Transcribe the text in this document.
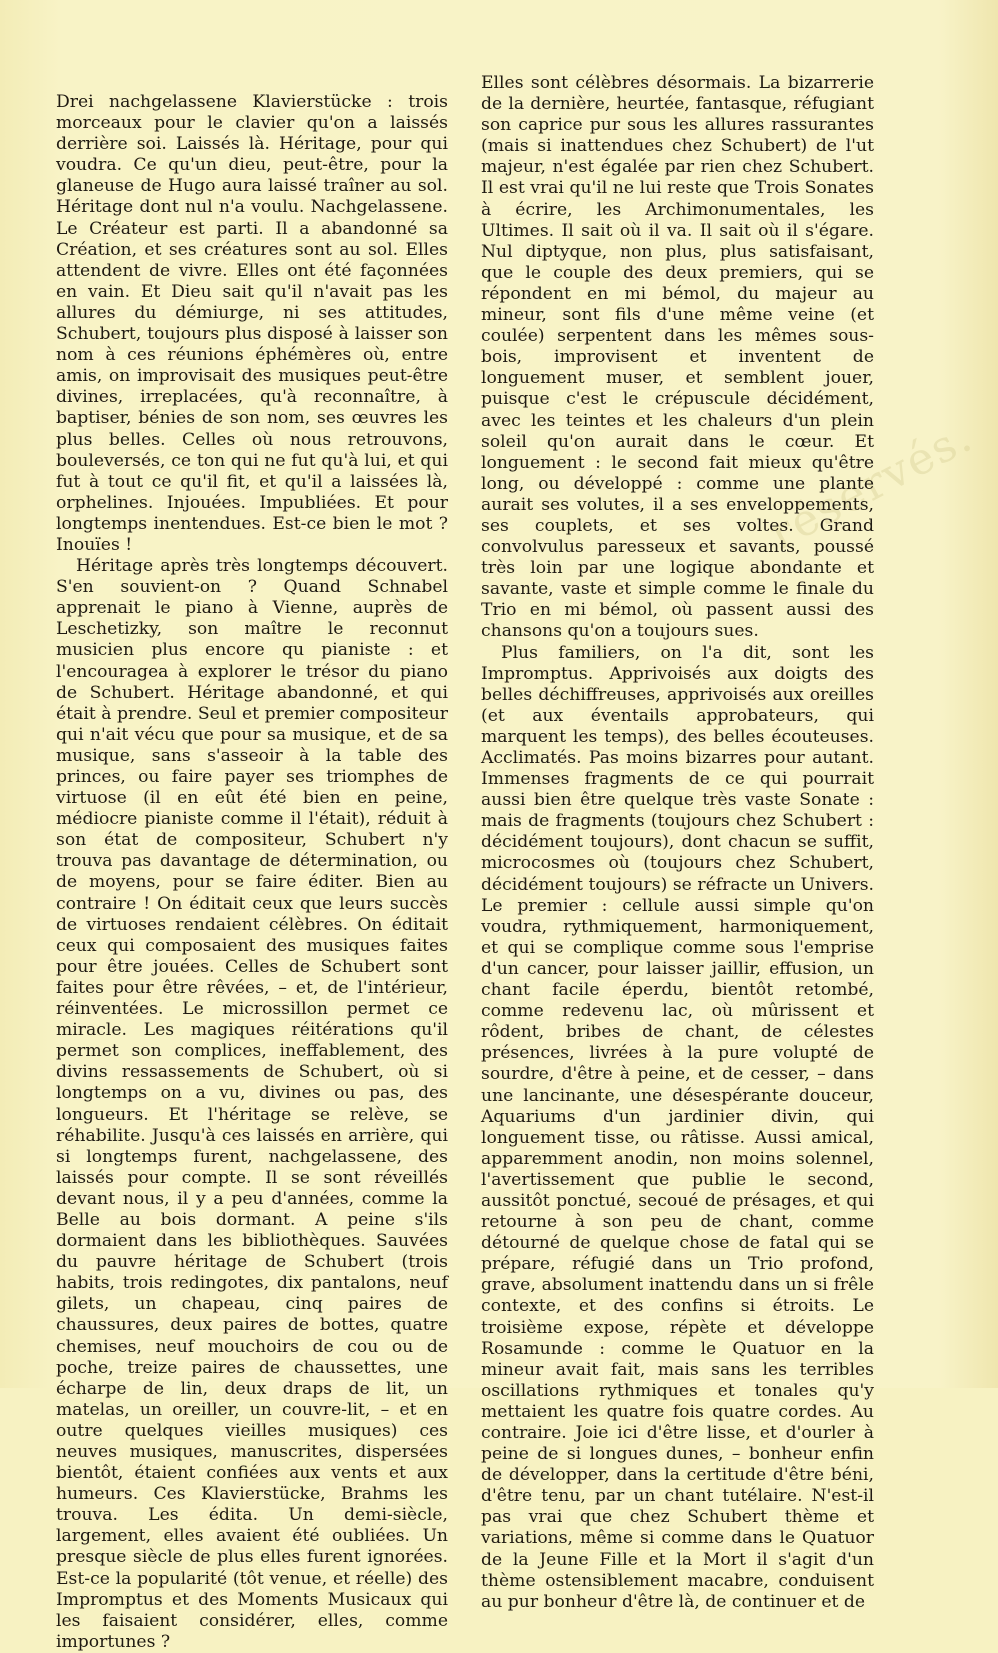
réservés.

Drei nachgelassene Klavierstücke : trois morceaux pour le clavier qu'on a laissés derrière soi. Laissés là. Héritage, pour qui voudra. Ce qu'un dieu, peut-être, pour la glaneuse de Hugo aura laissé traîner au sol. Héritage dont nul n'a voulu. Nachgelassene. Le Créateur est parti. Il a abandonné sa Création, et ses créatures sont au sol. Elles attendent de vivre. Elles ont été façonnées en vain. Et Dieu sait qu'il n'avait pas les allures du démiurge, ni ses attitudes, Schubert, toujours plus disposé à laisser son nom à ces réunions éphémères où, entre amis, on improvisait des musiques peut-être divines, irreplacées, qu'à reconnaître, à baptiser, bénies de son nom, ses œuvres les plus belles. Celles où nous retrouvons, bouleversés, ce ton qui ne fut qu'à lui, et qui fut à tout ce qu'il fit, et qu'il a laissées là, orphelines. Injouées. Impubliées. Et pour longtemps inentendues. Est-ce bien le mot ? Inouïes !

Héritage après très longtemps découvert. S'en souvient-on ? Quand Schnabel apprenait le piano à Vienne, auprès de Leschetizky, son maître le reconnut musicien plus encore qu pianiste : et l'encouragea à explorer le trésor du piano de Schubert. Héritage abandonné, et qui était à prendre. Seul et premier compositeur qui n'ait vécu que pour sa musique, et de sa musique, sans s'asseoir à la table des princes, ou faire payer ses triomphes de virtuose (il en eût été bien en peine, médiocre pianiste comme il l'était), réduit à son état de compositeur, Schubert n'y trouva pas davantage de détermination, ou de moyens, pour se faire éditer. Bien au contraire ! On éditait ceux que leurs succès de virtuoses rendaient célèbres. On éditait ceux qui composaient des musiques faites pour être jouées. Celles de Schubert sont faites pour être rêvées, – et, de l'intérieur, réinventées. Le microssillon permet ce miracle. Les magiques réitérations qu'il permet son complices, ineffablement, des divins ressassements de Schubert, où si longtemps on a vu, divines ou pas, des longueurs. Et l'héritage se relève, se réhabilite. Jusqu'à ces laissés en arrière, qui si longtemps furent, nachgelassene, des laissés pour compte. Il se sont réveillés devant nous, il y a peu d'années, comme la Belle au bois dormant. A peine s'ils dormaient dans les bibliothèques. Sauvées du pauvre héritage de Schubert (trois habits, trois redingotes, dix pantalons, neuf gilets, un chapeau, cinq paires de chaussures, deux paires de bottes, quatre chemises, neuf mouchoirs de cou ou de poche, treize paires de chaussettes, une écharpe de lin, deux draps de lit, un matelas, un oreiller, un couvre-lit, – et en outre quelques vieilles musiques) ces neuves musiques, manuscrites, dispersées bientôt, étaient confiées aux vents et aux humeurs. Ces Klavierstücke, Brahms les trouva. Les édita. Un demi-siècle, largement, elles avaient été oubliées. Un presque siècle de plus elles furent ignorées. Est-ce la popularité (tôt venue, et réelle) des Impromptus et des Moments Musicaux qui les faisaient considérer, elles, comme importunes ?

Elles sont célèbres désormais. La bizarrerie de la dernière, heurtée, fantasque, réfugiant son caprice pur sous les allures rassurantes (mais si inattendues chez Schubert) de l'ut majeur, n'est égalée par rien chez Schubert. Il est vrai qu'il ne lui reste que Trois Sonates à écrire, les Archimonumentales, les Ultimes. Il sait où il va. Il sait où il s'égare. Nul diptyque, non plus, plus satisfaisant, que le couple des deux premiers, qui se répondent en mi bémol, du majeur au mineur, sont fils d'une même veine (et coulée) serpentent dans les mêmes sous-bois, improvisent et inventent de longuement muser, et semblent jouer, puisque c'est le crépuscule décidément, avec les teintes et les chaleurs d'un plein soleil qu'on aurait dans le cœur. Et longuement : le second fait mieux qu'être long, ou développé : comme une plante aurait ses volutes, il a ses enveloppements, ses couplets, et ses voltes. Grand convolvulus paresseux et savants, poussé très loin par une logique abondante et savante, vaste et simple comme le finale du Trio en mi bémol, où passent aussi des chansons qu'on a toujours sues.

Plus familiers, on l'a dit, sont les Impromptus. Apprivoisés aux doigts des belles déchiffreuses, apprivoisés aux oreilles (et aux éventails approbateurs, qui marquent les temps), des belles écouteuses. Acclimatés. Pas moins bizarres pour autant. Immenses fragments de ce qui pourrait aussi bien être quelque très vaste Sonate : mais de fragments (toujours chez Schubert : décidément toujours), dont chacun se suffit, microcosmes où (toujours chez Schubert, décidément toujours) se réfracte un Univers. Le premier : cellule aussi simple qu'on voudra, rythmiquement, harmoniquement, et qui se complique comme sous l'emprise d'un cancer, pour laisser jaillir, effusion, un chant facile éperdu, bientôt retombé, comme redevenu lac, où mûrissent et rôdent, bribes de chant, de célestes présences, livrées à la pure volupté de sourdre, d'être à peine, et de cesser, – dans une lancinante, une désespérante douceur, Aquariums d'un jardinier divin, qui longuement tisse, ou râtisse. Aussi amical, apparemment anodin, non moins solennel, l'avertissement que publie le second, aussitôt ponctué, secoué de présages, et qui retourne à son peu de chant, comme détourné de quelque chose de fatal qui se prépare, réfugié dans un Trio profond, grave, absolument inattendu dans un si frêle contexte, et des confins si étroits. Le troisième expose, répète et développe Rosamunde : comme le Quatuor en la mineur avait fait, mais sans les terribles oscillations rythmiques et tonales qu'y mettaient les quatre fois quatre cordes. Au contraire. Joie ici d'être lisse, et d'ourler à peine de si longues dunes, – bonheur enfin de développer, dans la certitude d'être béni, d'être tenu, par un chant tutélaire. N'est-il pas vrai que chez Schubert thème et variations, même si comme dans le Quatuor de la Jeune Fille et la Mort il s'agit d'un thème ostensiblement macabre, conduisent au pur bonheur d'être là, de continuer et de
